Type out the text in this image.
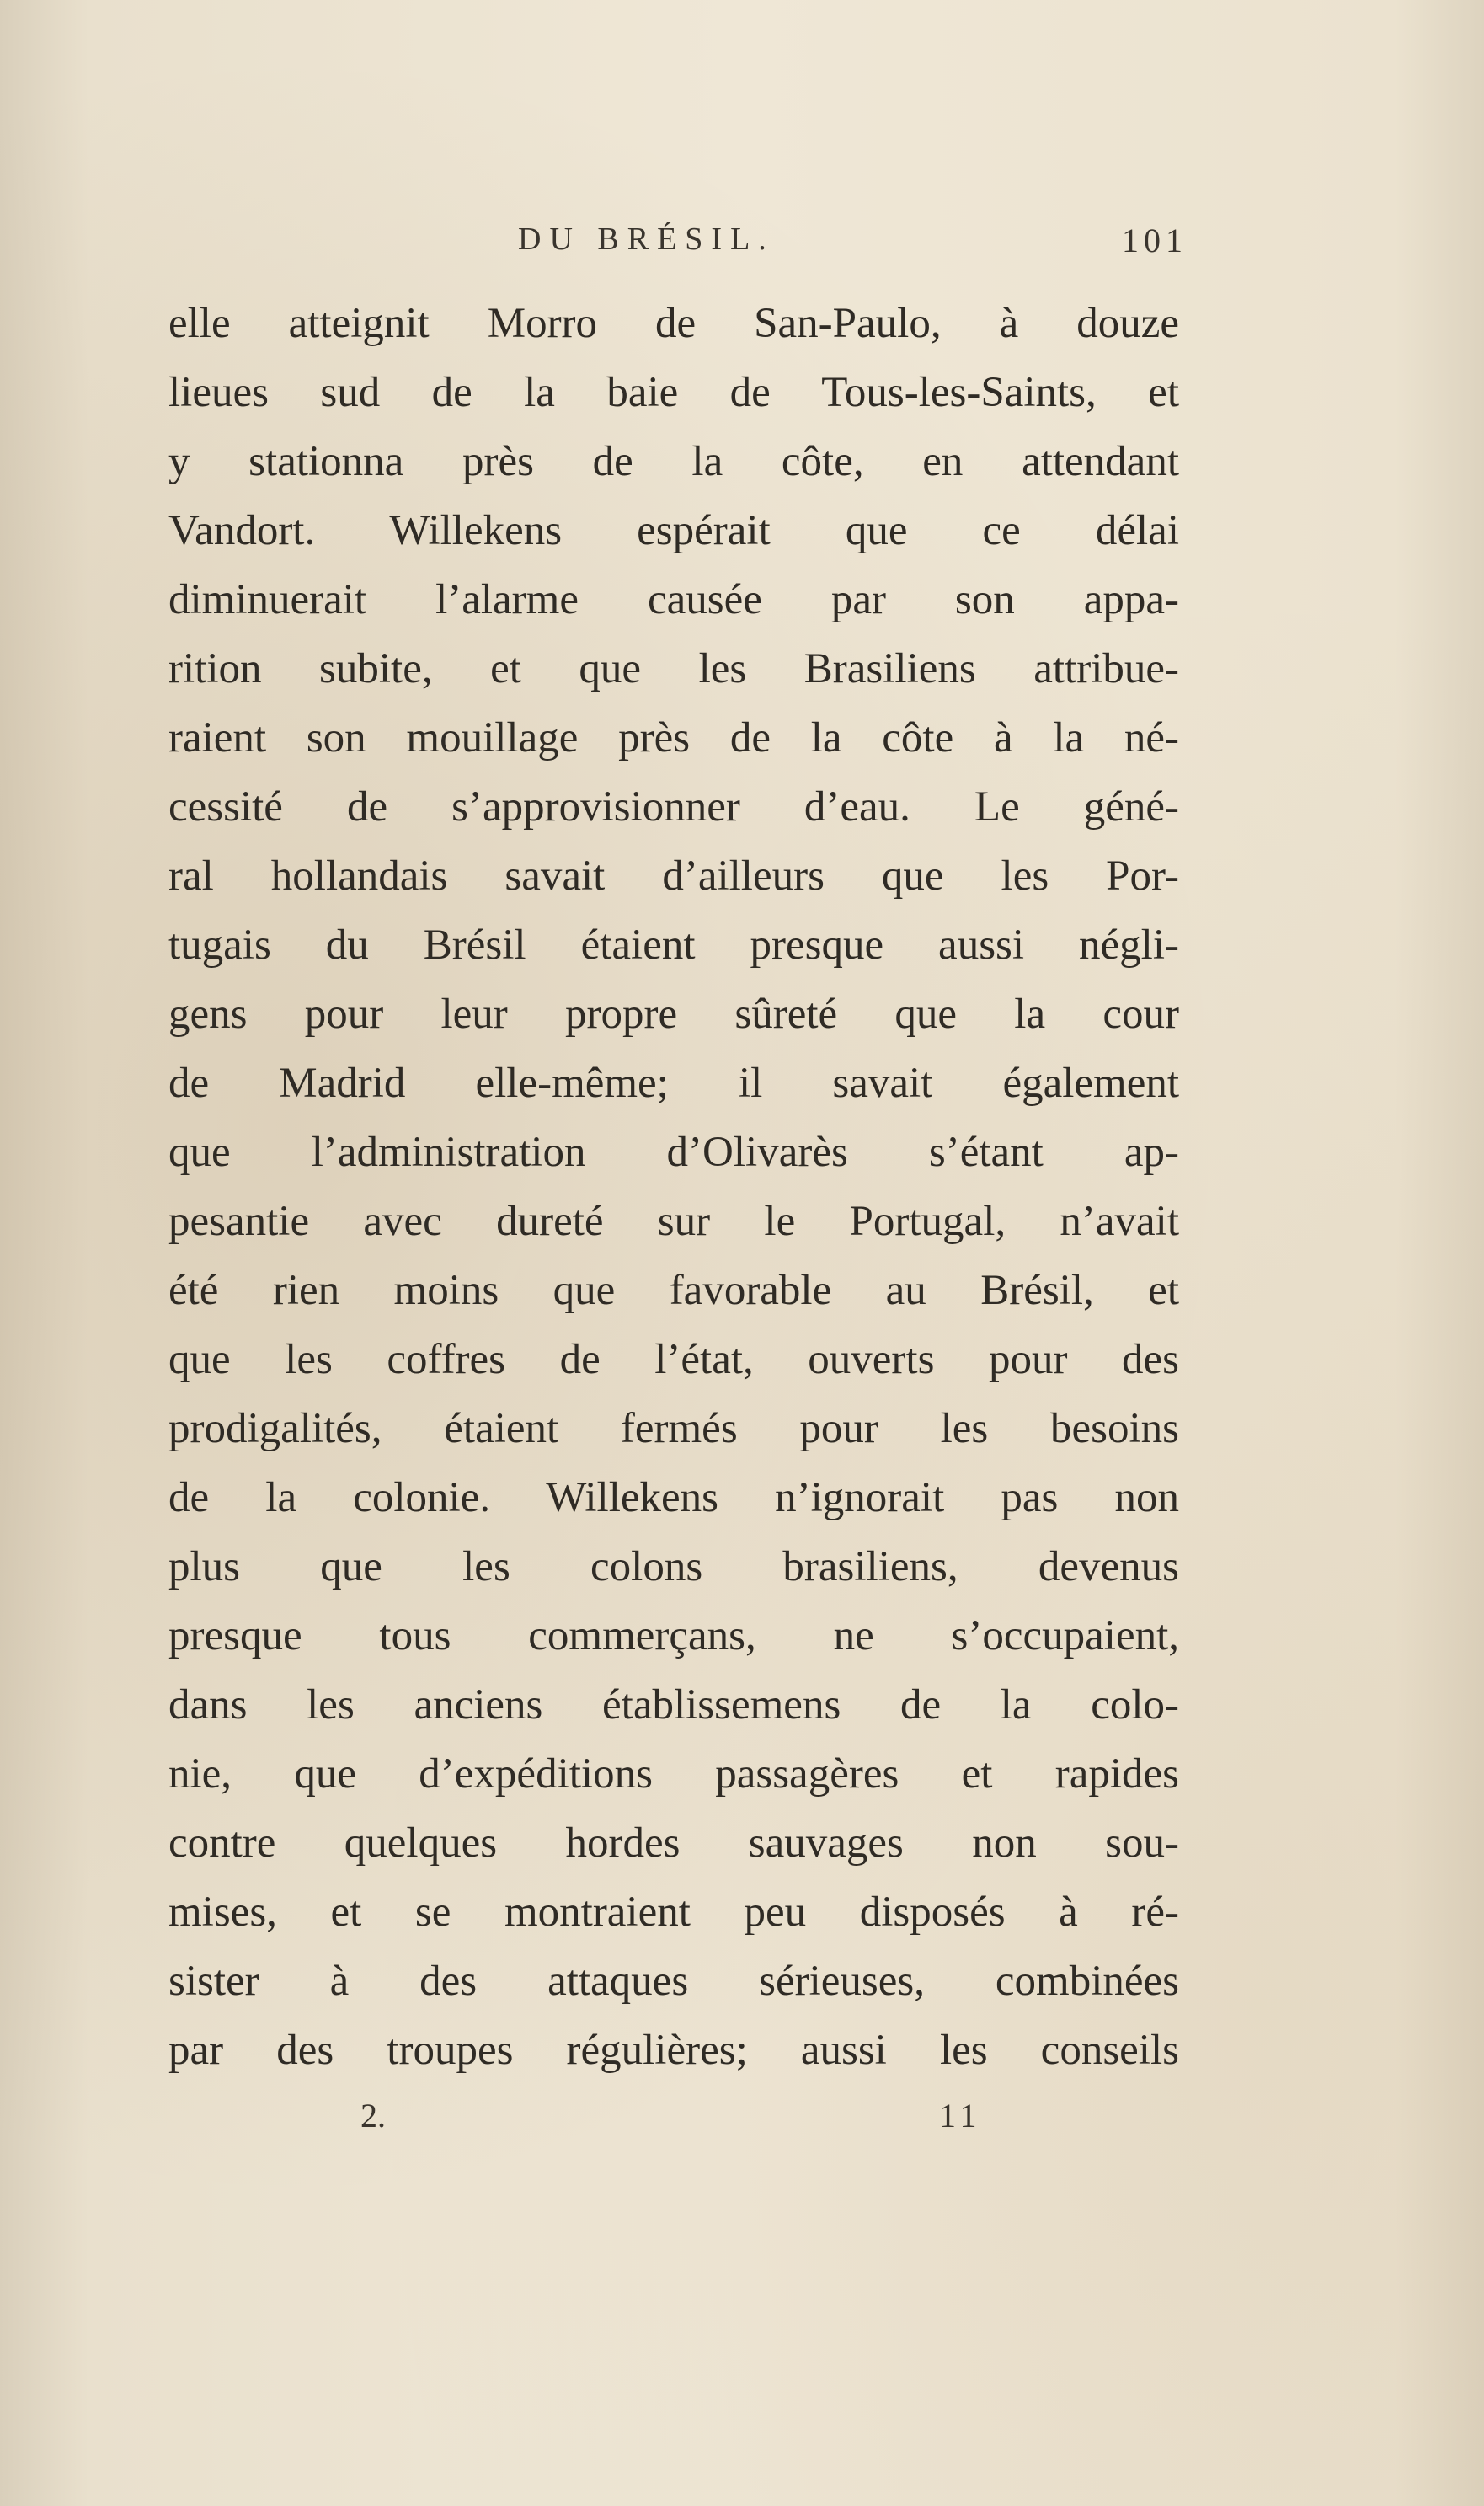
DU BRÉSIL.	101
elle atteignit Morro de San-Paulo, à douze
lieues sud de la baie de Tous-les-Saints, et
y stationna près de la côte, en attendant
Vandort. Willekens espérait que ce délai
diminuerait l’alarme causée par son appa-
rition subite, et que les Brasiliens attribue-
raient son mouillage près de la côte à la né-
cessité de s’approvisionner d’eau. Le géné-
ral hollandais savait d’ailleurs que les Por-
tugais du Brésil étaient presque aussi négli-
gens pour leur propre sûreté que la cour
de Madrid elle-même; il savait également
que l’administration d’Olivarès s’étant ap-
pesantie avec dureté sur le Portugal, n’avait
été rien moins que favorable au Brésil, et
que les coffres de l’état, ouverts pour des
prodigalités, étaient fermés pour les besoins
de la colonie. Willekens n’ignorait pas non
plus que les colons brasiliens, devenus
presque tous commerçans, ne s’occupaient,
dans les anciens établissemens de la colo-
nie, que d’expéditions passagères et rapides
contre quelques hordes sauvages non sou-
mises, et se montraient peu disposés à ré-
sister à des attaques sérieuses, combinées
par des troupes régulières; aussi les conseils
2.	11
